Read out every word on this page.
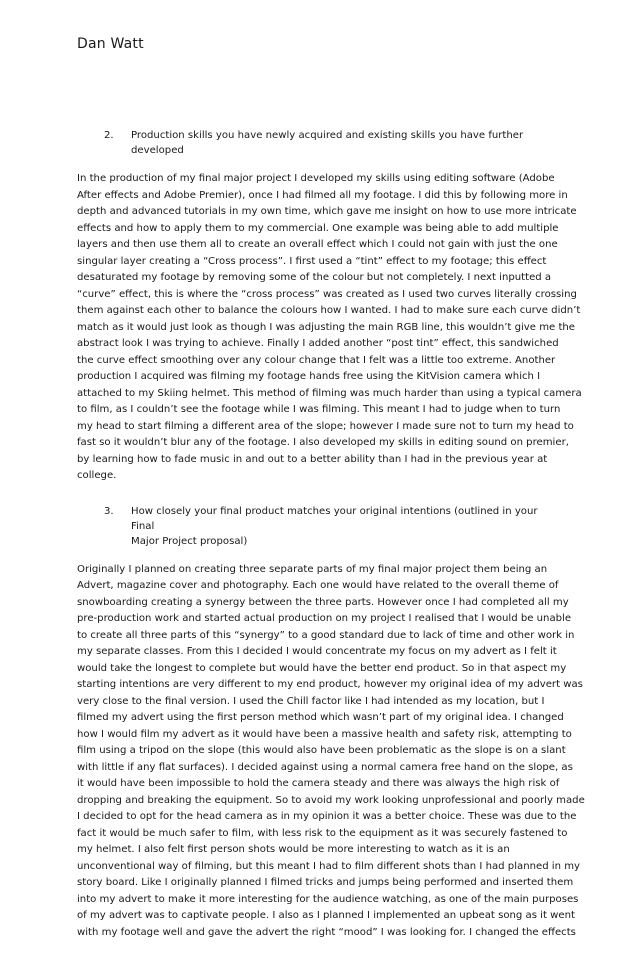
Dan Watt
2.	Production skills you have newly acquired and existing skills you have further developed
In the production of my final major project I developed my skills using editing software (Adobe
After effects and Adobe Premier), once I had filmed all my footage. I did this by following more in
depth and advanced tutorials in my own time, which gave me insight on how to use more intricate
effects and how to apply them to my commercial. One example was being able to add multiple
layers and then use them all to create an overall effect which I could not gain with just the one
singular layer creating a “Cross process”. I first used a “tint” effect to my footage; this effect
desaturated my footage by removing some of the colour but not completely. I next inputted a
“curve” effect, this is where the “cross process” was created as I used two curves literally crossing
them against each other to balance the colours how I wanted. I had to make sure each curve didn’t
match as it would just look as though I was adjusting the main RGB line, this wouldn’t give me the
abstract look I was trying to achieve. Finally I added another “post tint” effect, this sandwiched
the curve effect smoothing over any colour change that I felt was a little too extreme. Another
production I acquired was filming my footage hands free using the KitVision camera which I
attached to my Skiing helmet. This method of filming was much harder than using a typical camera
to film, as I couldn’t see the footage while I was filming. This meant I had to judge when to turn
my head to start filming a different area of the slope; however I made sure not to turn my head to
fast so it wouldn’t blur any of the footage. I also developed my skills in editing sound on premier,
by learning how to fade music in and out to a better ability than I had in the previous year at
college.
3.	How closely your final product matches your original intentions (outlined in your Final
Major Project proposal)
Originally I planned on creating three separate parts of my final major project them being an
Advert, magazine cover and photography. Each one would have related to the overall theme of
snowboarding creating a synergy between the three parts. However once I had completed all my
pre-production work and started actual production on my project I realised that I would be unable
to create all three parts of this “synergy” to a good standard due to lack of time and other work in
my separate classes. From this I decided I would concentrate my focus on my advert as I felt it
would take the longest to complete but would have the better end product. So in that aspect my
starting intentions are very different to my end product, however my original idea of my advert was
very close to the final version. I used the Chill factor like I had intended as my location, but I
filmed my advert using the first person method which wasn’t part of my original idea. I changed
how I would film my advert as it would have been a massive health and safety risk, attempting to
film using a tripod on the slope (this would also have been problematic as the slope is on a slant
with little if any flat surfaces). I decided against using a normal camera free hand on the slope, as
it would have been impossible to hold the camera steady and there was always the high risk of
dropping and breaking the equipment. So to avoid my work looking unprofessional and poorly made
I decided to opt for the head camera as in my opinion it was a better choice. These was due to the
fact it would be much safer to film, with less risk to the equipment as it was securely fastened to
my helmet. I also felt first person shots would be more interesting to watch as it is an
unconventional way of filming, but this meant I had to film different shots than I had planned in my
story board. Like I originally planned I filmed tricks and jumps being performed and inserted them
into my advert to make it more interesting for the audience watching, as one of the main purposes
of my advert was to captivate people. I also as I planned I implemented an upbeat song as it went
with my footage well and gave the advert the right “mood” I was looking for. I changed the effects
